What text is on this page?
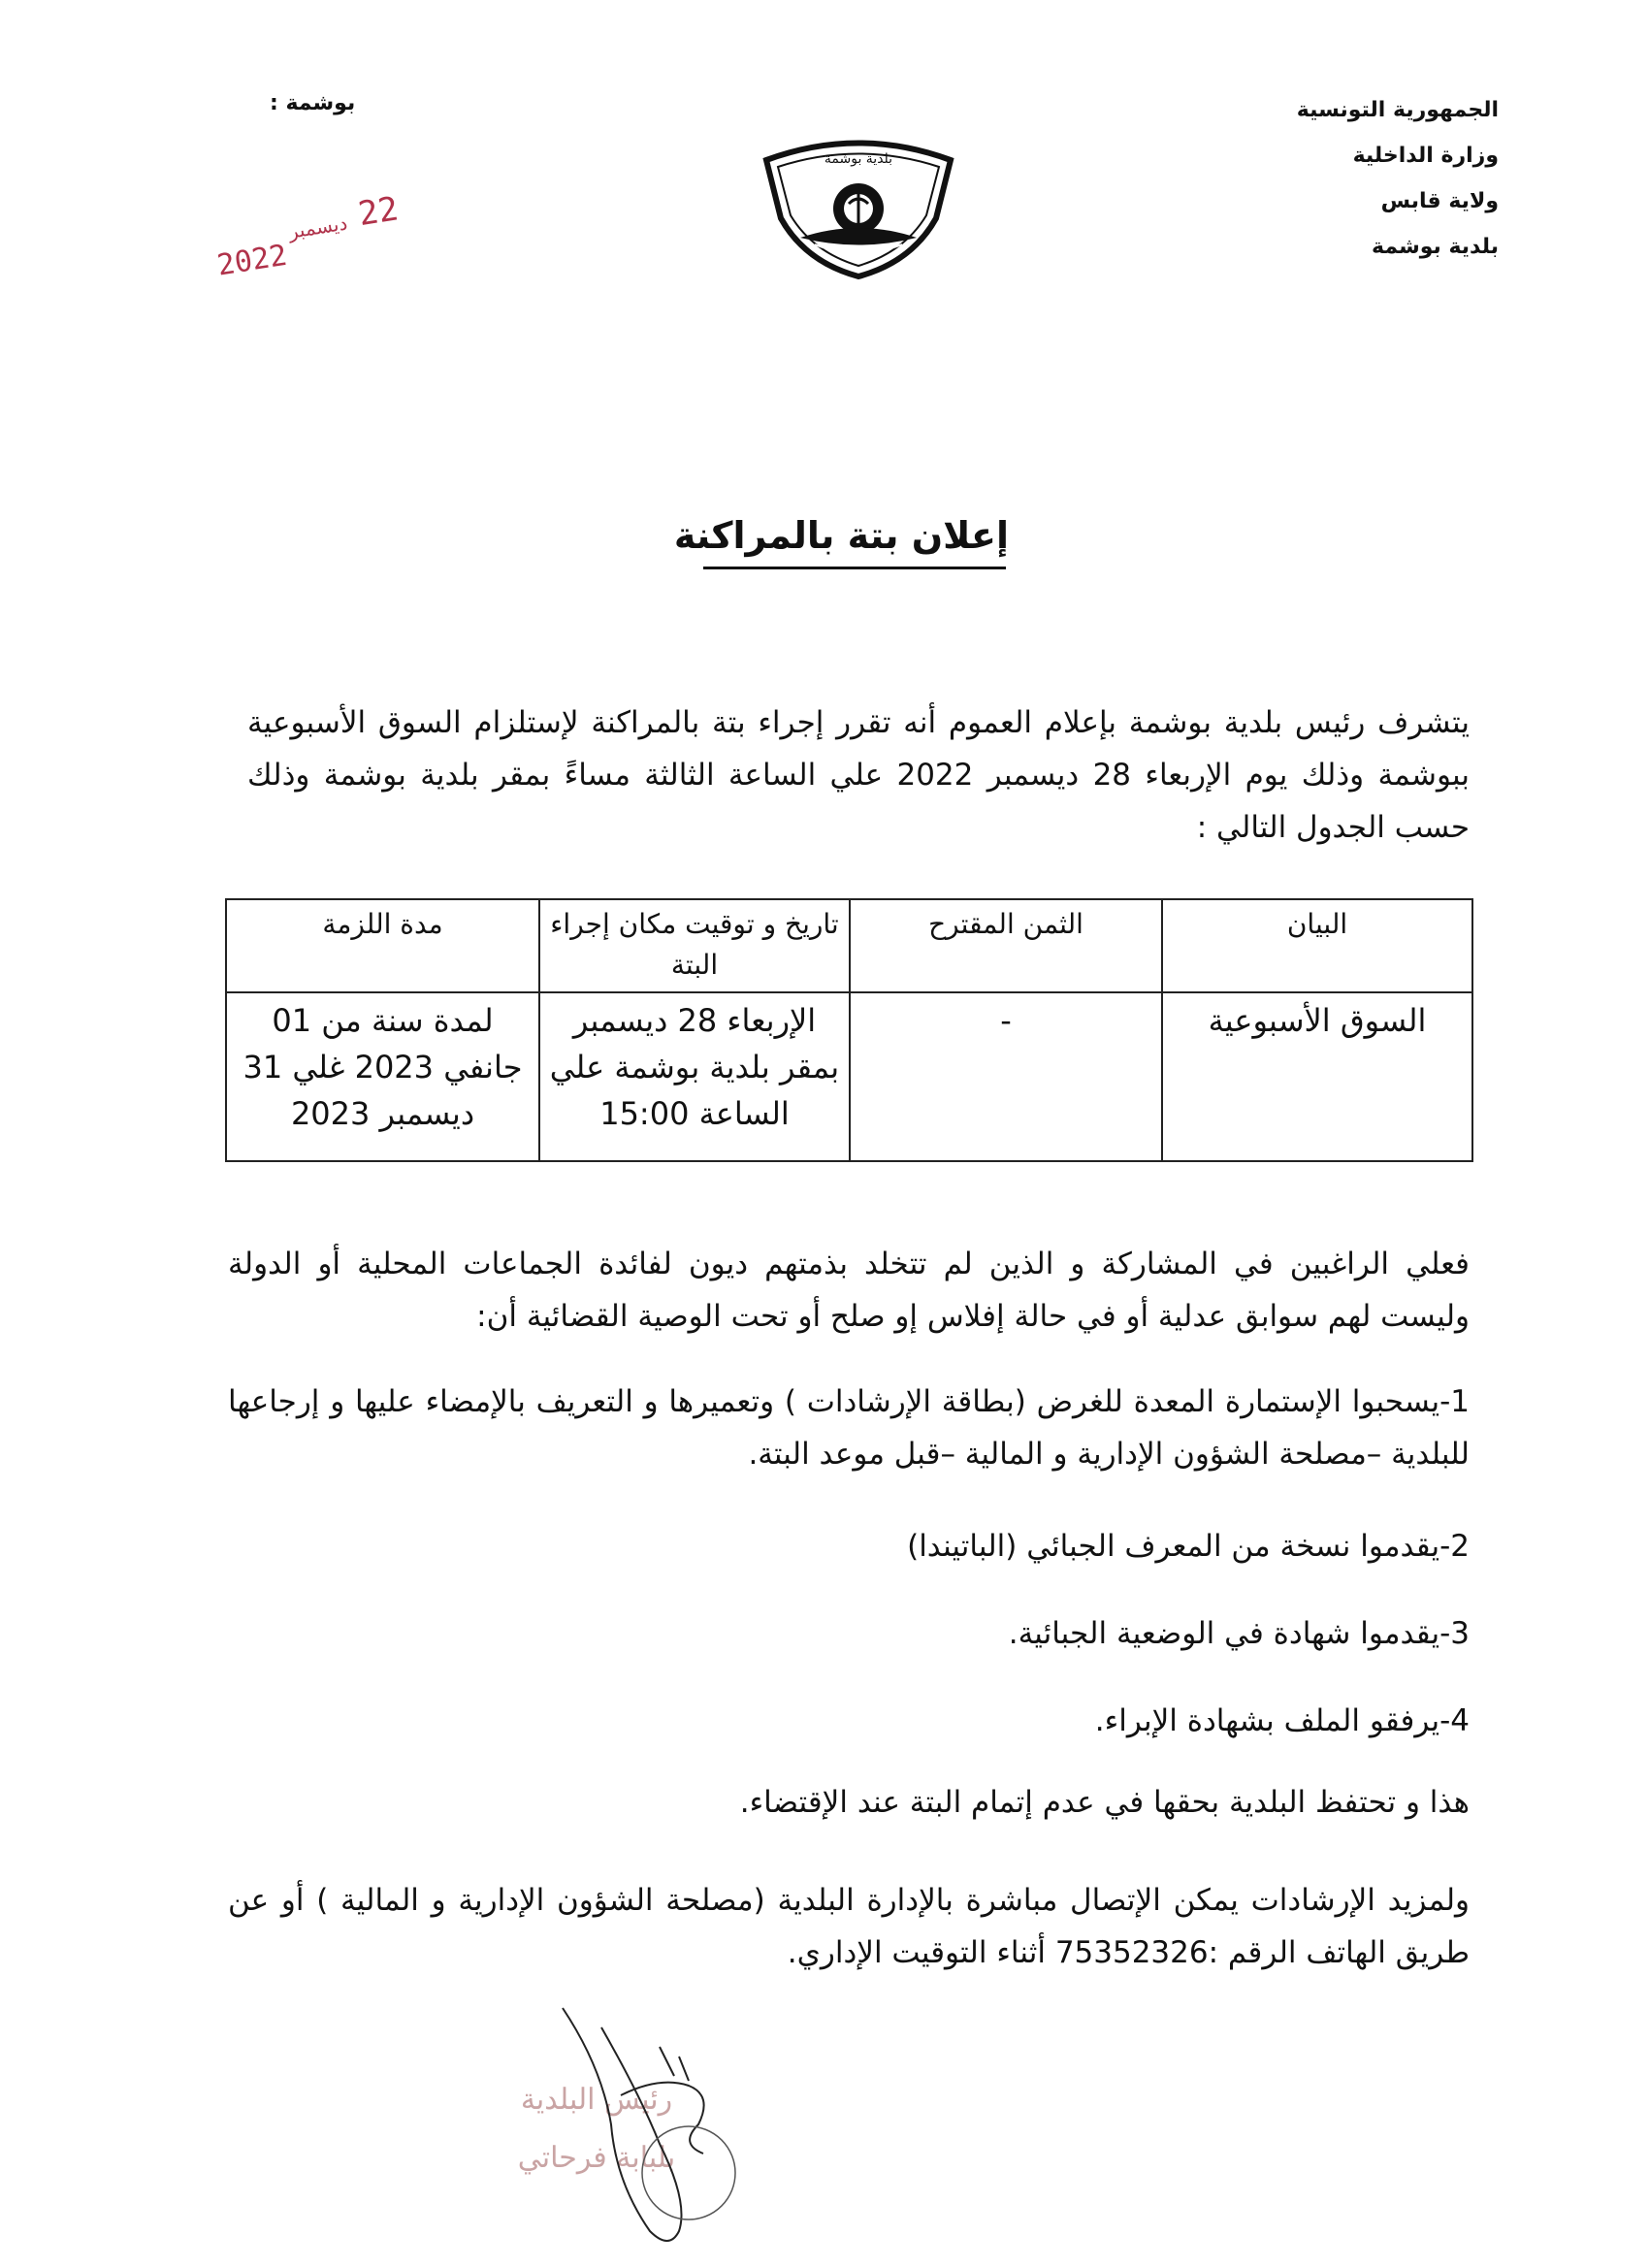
الجمهورية التونسية
وزارة الداخلية
ولاية قابس
بلدية بوشمة
بوشمة :
بلدية بوشمة
22
ديسمبر
2022
إعلان بتة بالمراكنة
يتشرف رئيس بلدية بوشمة بإعلام العموم أنه تقرر إجراء بتة بالمراكنة لإستلزام السوق الأسبوعية ببوشمة وذلك يوم الإربعاء 28 ديسمبر 2022 علي الساعة الثالثة مساءً بمقر بلدية بوشمة وذلك حسب الجدول التالي :
البيان	الثمن المقترح	تاريخ و توقيت مكان إجراء البتة	مدة اللزمة
السوق الأسبوعية	-	الإربعاء 28 ديسمبر بمقر بلدية بوشمة علي الساعة 15:00	لمدة سنة من 01 جانفي 2023 غلي 31 ديسمبر 2023
فعلي الراغبين في المشاركة و الذين لم تتخلد بذمتهم ديون لفائدة الجماعات المحلية أو الدولة وليست لهم سوابق عدلية أو في حالة إفلاس إو صلح أو تحت الوصية القضائية أن:
1-يسحبوا الإستمارة المعدة للغرض (بطاقة الإرشادات ) وتعميرها و التعريف بالإمضاء عليها و إرجاعها للبلدية –مصلحة الشؤون الإدارية و المالية –قبل موعد البتة.
2-يقدموا نسخة من المعرف الجبائي (الباتيندا)
3-يقدموا شهادة في الوضعية الجبائية.
4-يرفقو الملف بشهادة الإبراء.
هذا و تحتفظ البلدية بحقها في عدم إتمام البتة عند الإقتضاء.
ولمزيد الإرشادات يمكن الإتصال مباشرة بالإدارة البلدية (مصلحة الشؤون الإدارية و المالية ) أو عن طريق الهاتف الرقم :75352326 أثناء التوقيت الإداري.
رئيس البلدية
بلبابة فرحاتي
